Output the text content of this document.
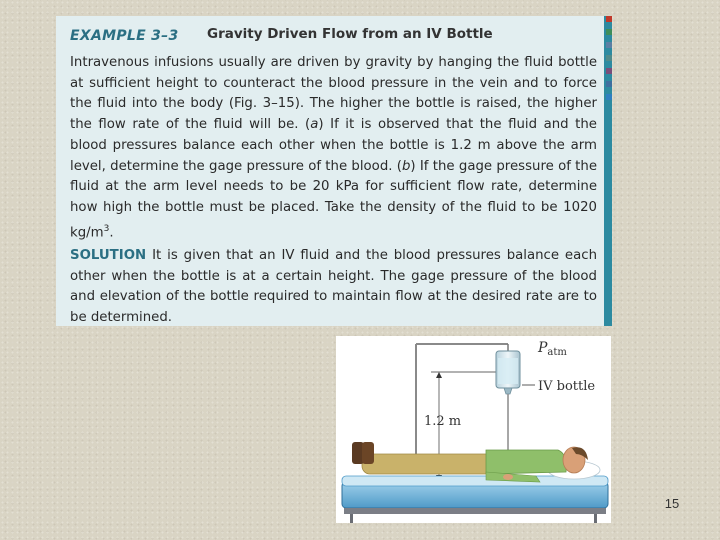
EXAMPLE 3–3 Gravity Driven Flow from an IV Bottle

Intravenous infusions usually are driven by gravity by hanging the fluid bottle at sufficient height to counteract the blood pressure in the vein and to force the fluid into the body (Fig. 3–15). The higher the bottle is raised, the higher the flow rate of the fluid will be. (a) If it is observed that the fluid and the blood pressures balance each other when the bottle is 1.2 m above the arm level, determine the gage pressure of the blood. (b) If the gage pressure of the fluid at the arm level needs to be 20 kPa for sufficient flow rate, determine how high the bottle must be placed. Take the density of the fluid to be 1020 $kg/m^3$.

SOLUTION It is given that an IV fluid and the blood pressures balance each other when the bottle is at a certain height. The gage pressure of the blood and elevation of the bottle required to maintain flow at the desired rate are to be determined.

1.2 m
$P_{atm}$
IV bottle
15
